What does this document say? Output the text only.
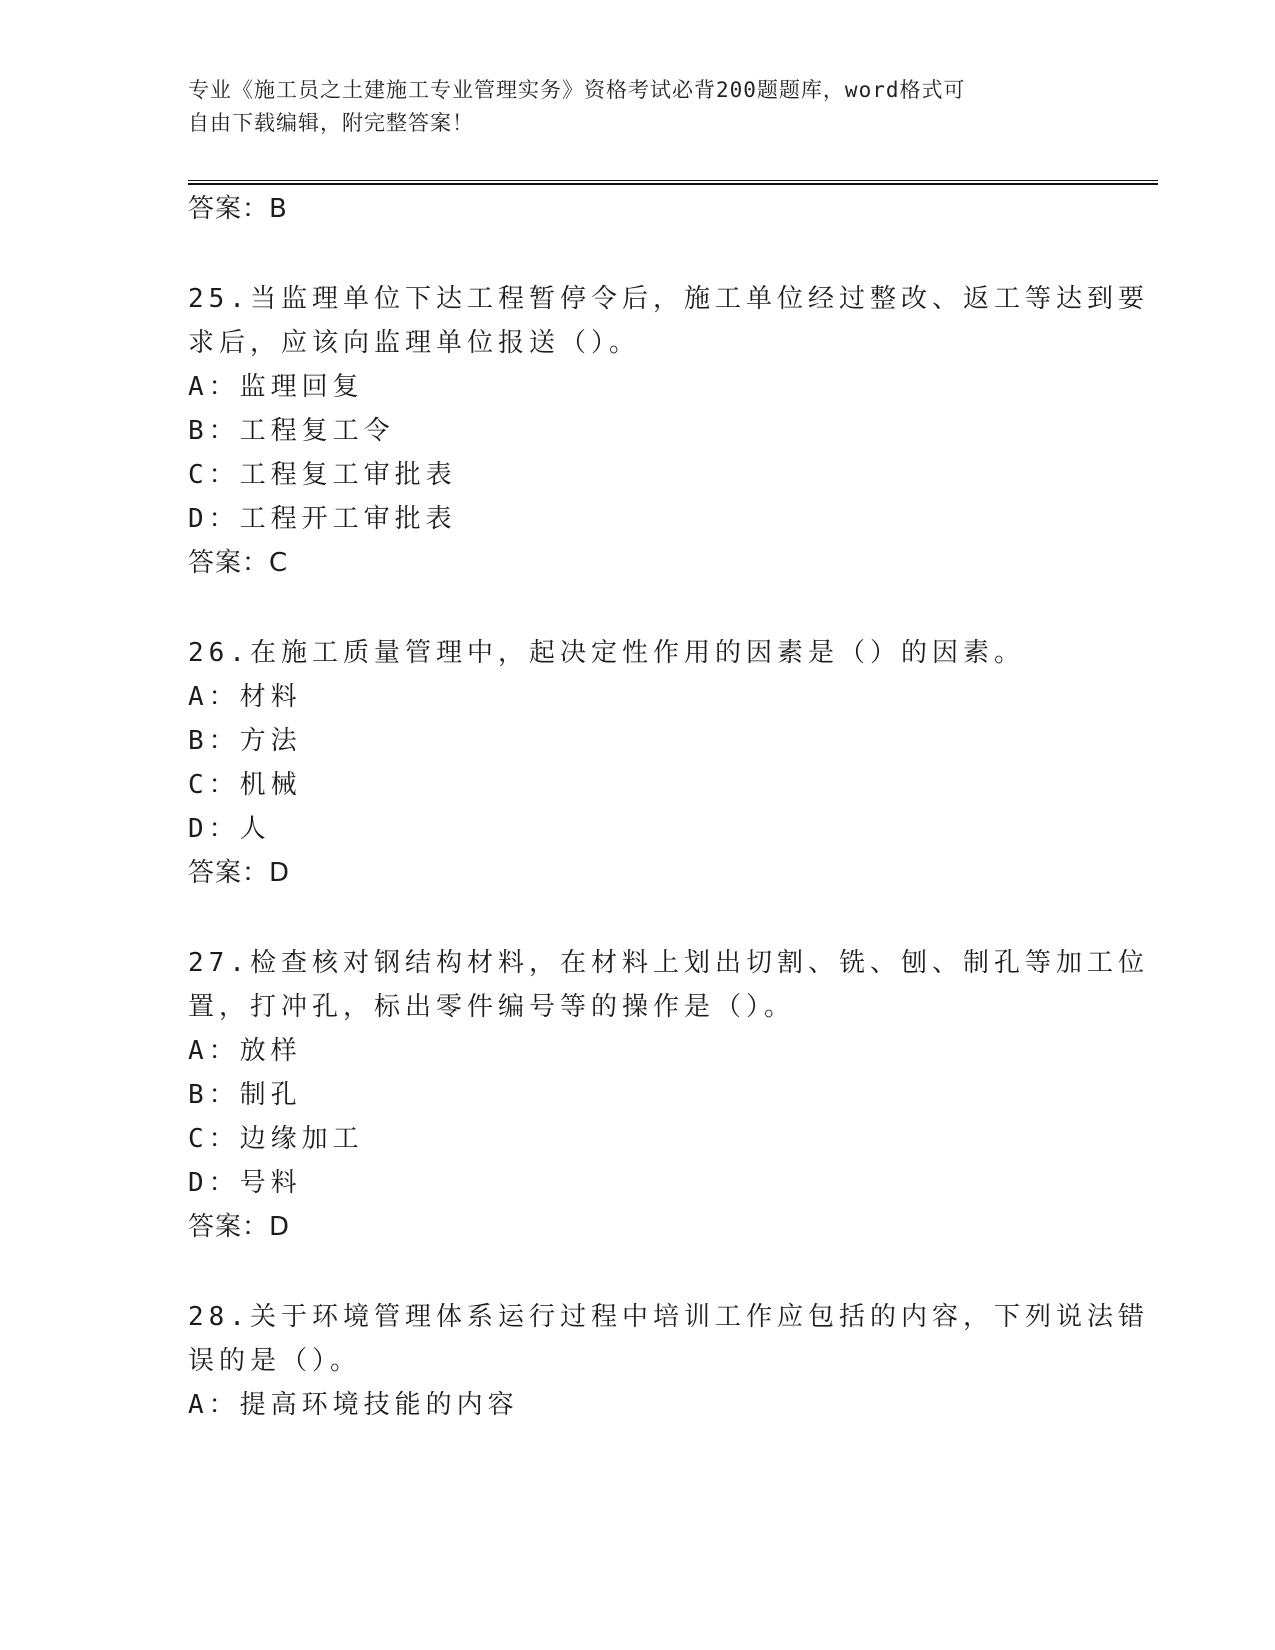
专业《施工员之土建施工专业管理实务》资格考试必背200题题库，word格式可
自由下载编辑，附完整答案！
答案：B
25.当监理单位下达工程暂停令后，施工单位经过整改、返工等达到要
求后，应该向监理单位报送（）。
A：监理回复
B：工程复工令
C：工程复工审批表
D：工程开工审批表
答案：C
26.在施工质量管理中，起决定性作用的因素是（）的因素。
A：材料
B：方法
C：机械
D：人
答案：D
27.检查核对钢结构材料，在材料上划出切割、铣、刨、制孔等加工位
置，打冲孔，标出零件编号等的操作是（）。
A：放样
B：制孔
C：边缘加工
D：号料
答案：D
28.关于环境管理体系运行过程中培训工作应包括的内容，下列说法错
误的是（）。
A：提高环境技能的内容
